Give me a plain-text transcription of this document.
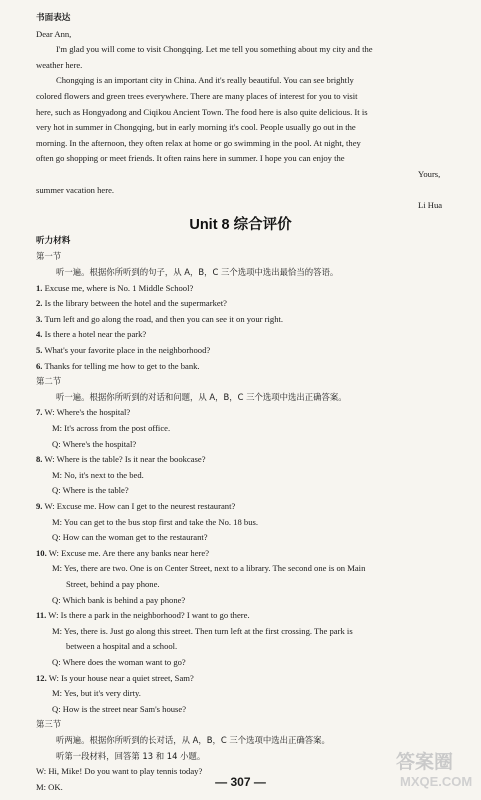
书面表达
Dear Ann,
I'm glad you will come to visit Chongqing. Let me tell you something about my city and the
weather here.
Chongqing is an important city in China. And it's really beautiful. You can see brightly
colored flowers and green trees everywhere. There are many places of interest for you to visit
here, such as Hongyadong and Ciqikou Ancient Town. The food here is also quite delicious. It is
very hot in summer in Chongqing, but in early morning it's cool. People usually go out in the
morning. In the afternoon, they often relax at home or go swimming in the pool. At night, they
often go shopping or meet friends. It often rains here in summer. I hope you can enjoy the
summer vacation here.
Yours,
Li Hua
Unit 8 综合评价
听力材料
第一节
听一遍。根据你所听到的句子，从 A，B，C 三个选项中选出最恰当的答语。
1. Excuse me, where is No. 1 Middle School?
2. Is the library between the hotel and the supermarket?
3. Turn left and go along the road, and then you can see it on your right.
4. Is there a hotel near the park?
5. What's your favorite place in the neighborhood?
6. Thanks for telling me how to get to the bank.
第二节
听一遍。根据你所听到的对话和问题，从 A，B，C 三个选项中选出正确答案。
7. W: Where's the hospital?
M: It's across from the post office.
Q: Where's the hospital?
8. W: Where is the table? Is it near the bookcase?
M: No, it's next to the bed.
Q: Where is the table?
9. W: Excuse me. How can I get to the neurest restaurant?
M: You can get to the bus stop first and take the No. 18 bus.
Q: How can the woman get to the restaurant?
10. W: Excuse me. Are there any banks near here?
M: Yes, there are two. One is on Center Street, next to a library. The second one is on Main
Street, behind a pay phone.
Q: Which bank is behind a pay phone?
11. W: Is there a park in the neighborhood? I want to go there.
M: Yes, there is. Just go along this street. Then turn left at the first crossing. The park is
between a hospital and a school.
Q: Where does the woman want to go?
12. W: Is your house near a quiet street, Sam?
M: Yes, but it's very dirty.
Q: How is the street near Sam's house?
第三节
听两遍。根据你所听到的长对话，从 A，B，C 三个选项中选出正确答案。
听第一段材料，回答第 13 和 14 小题。
W: Hi, Mike! Do you want to play tennis today?
M: OK.	— 307 —
答案圈
MXQE.COM
